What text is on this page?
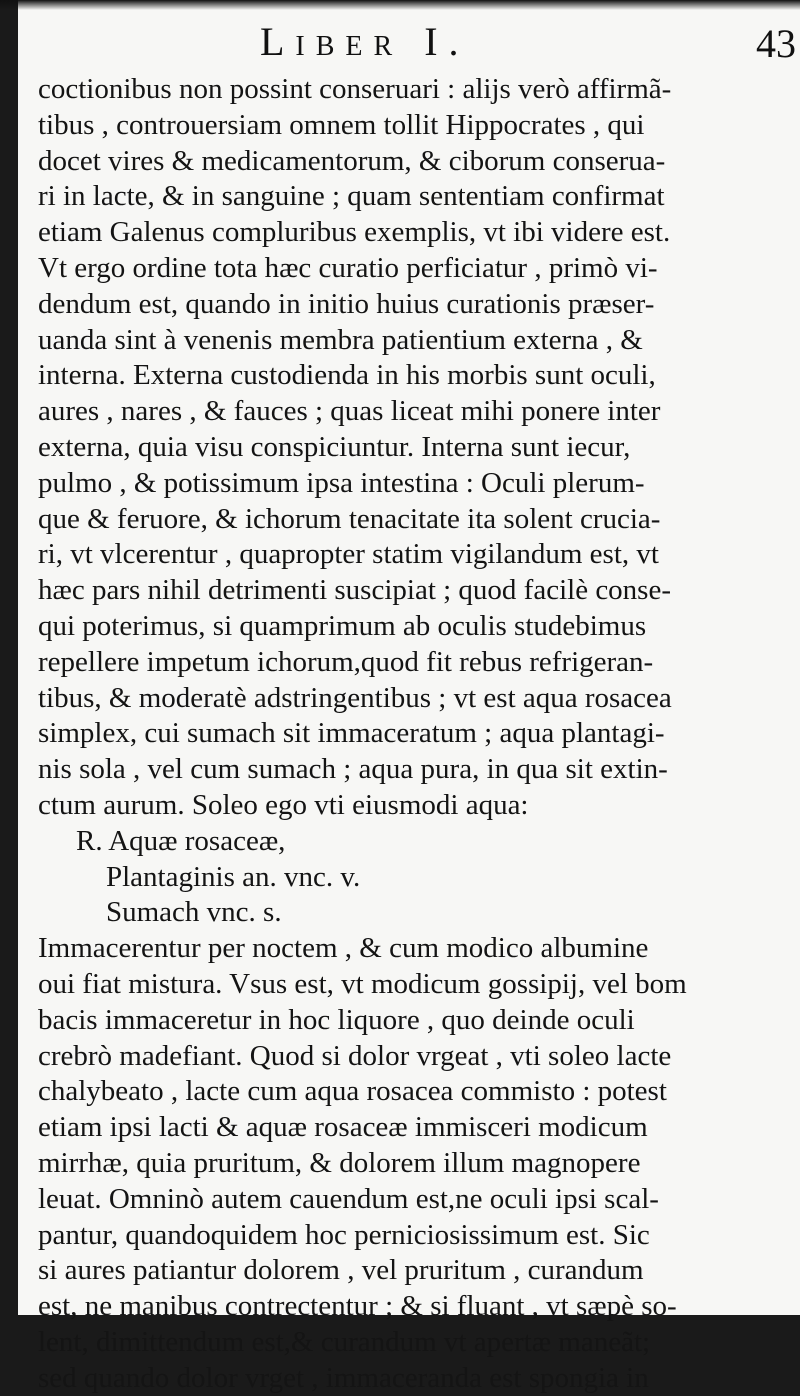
Liber I.	43
coctionibus non possint conseruari : alijs verò affirmã-
tibus , controuersiam omnem tollit Hippocrates , qui
docet vires & medicamentorum, & ciborum conserua-
ri in lacte, & in sanguine ; quam sententiam confirmat
etiam Galenus compluribus exemplis, vt ibi videre est.
Vt ergo ordine tota hæc curatio perficiatur , primò vi-
dendum est, quando in initio huius curationis præser-
uanda sint à venenis membra patientium externa , &
interna. Externa custodienda in his morbis sunt oculi,
aures , nares , & fauces ; quas liceat mihi ponere inter
externa, quia visu conspiciuntur. Interna sunt iecur,
pulmo , & potissimum ipsa intestina : Oculi plerum-
que & feruore, & ichorum tenacitate ita solent crucia-
ri, vt vlcerentur , quapropter statim vigilandum est, vt
hæc pars nihil detrimenti suscipiat ; quod facilè conse-
qui poterimus, si quamprimum ab oculis studebimus
repellere impetum ichorum,quod fit rebus refrigeran-
tibus, & moderatè adstringentibus ; vt est aqua rosacea
simplex, cui sumach sit immaceratum ; aqua plantagi-
nis sola , vel cum sumach ; aqua pura, in qua sit extin-
ctum aurum. Soleo ego vti eiusmodi aqua:
R. Aquæ rosaceæ,
Plantaginis an. vnc. v.
Sumach vnc. s.
Immacerentur per noctem , & cum modico albumine
oui fiat mistura. Vsus est, vt modicum gossipij, vel bom
bacis immaceretur in hoc liquore , quo deinde oculi
crebrò madefiant. Quod si dolor vrgeat , vti soleo lacte
chalybeato , lacte cum aqua rosacea commisto : potest
etiam ipsi lacti & aquæ rosaceæ immisceri modicum
mirrhæ, quia pruritum, & dolorem illum magnopere
leuat. Omninò autem cauendum est,ne oculi ipsi scal-
pantur, quandoquidem hoc perniciosissimum est. Sic
si aures patiantur dolorem , vel pruritum , curandum
est, ne manibus contrectentur ; & si fluant , vt sæpè so-
lent, dimittendum est,& curandum vt apertæ maneãt;
sed quando dolor vrget , immaceranda est spongia in
